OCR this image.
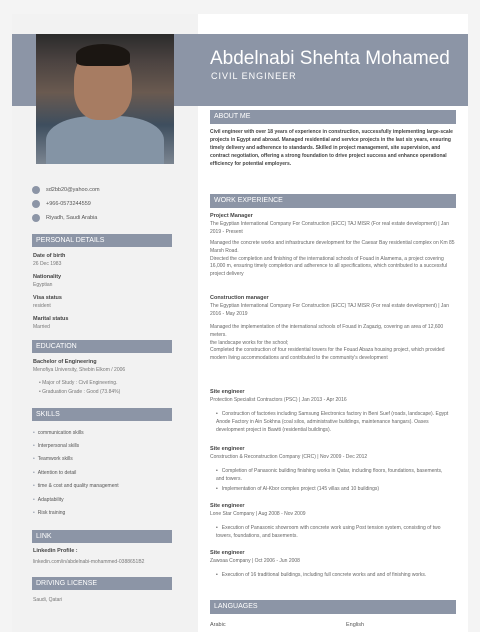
Abdelnabi Shehta Mohamed
CIVIL ENGINEER
sd2bb20@yahoo.com
+966-0573244559
Riyadh, Saudi Arabia
PERSONAL DETAILS
Date of birth
26 Dec 1983
Nationality
Egyptian
Visa status
resident
Marital status
Married
EDUCATION
Bachelor of Engineering
Menofiya University, Shebin Elkom / 2006
• Major of Study : Civil Engineering.
• Graduation Grade : Good (73.84%)
SKILLS
• communication skills
• Interpersonal skills
• Teamwork skills
• Attention to detail
• time & cost and quality management
• Adaptability
• Risk training
LINK
Linkedin Profile :
linkedin.com/in/abdelnabi-mohammed-0388651B2
DRIVING LICENSE
Saudi, Qatari
ABOUT ME
Civil engineer with over 18 years of experience in construction, successfully implementing large-scale projects in Egypt and abroad. Managed residential and service projects in the last six years, ensuring timely delivery and adherence to standards. Skilled in project management, site supervision, and contract negotiation, offering a strong foundation to drive project success and enhance operational efficiency for potential employers.
WORK EXPERIENCE
Project Manager
The Egyptian International Company For Construction (EICC) TAJ MISR (For real estate development) | Jan 2019 - Present
Managed the concrete works and infrastructure development for the Caesar Bay residential complex on Km 85 Marsh Road.
Directed the completion and finishing of the international schools of Fouad in Alamema, a project covering 16,000 m, ensuring timely completion and adherence to all specifications, which contributed to a successful project delivery
Construction manager
The Egyptian International Company For Construction (EICC) TAJ MISR (For real estate development) | Jan 2016 - May 2019
Managed the implementation of the international schools of Fouad in Zagazig, covering an area of 12,600 meters.
the landscape works for the school;
Completed the construction of four residential towers for the Fouad Abaza housing project, which provided modern living accommodations and contributed to the community's development
Site engineer
Protection Specialist Contractors (PSC) | Jan 2013 - Apr 2016
• Construction of factories including Samsung Electronics factory in Beni Suef (roads, landscape). Egypt Anode Factory in Ain Sokhna (coal silos, administrative buildings, maintenance hangars). Oases development project in Bawiti (residential buildings).
Site engineer
Construction & Reconstruction Company (CRC) | Nov 2009 - Dec 2012
• Completion of Panasonic building finishing works in Qatar, including floors, foundations, basements, and towers.
• Implementation of Al-Kbor complex project (145 villas and 10 buildings)
Site engineer
Lone Star Company | Aug 2008 - Nov 2009
• Execution of Panasonic showroom with concrete work using Post tension system, consisting of two towers, foundations, and basements.
Site engineer
Zawoaa Company | Oct 2006 - Jun 2008
• Execution of 16 traditional buildings, including full concrete works and and of finishing works.
LANGUAGES
Arabic	English
